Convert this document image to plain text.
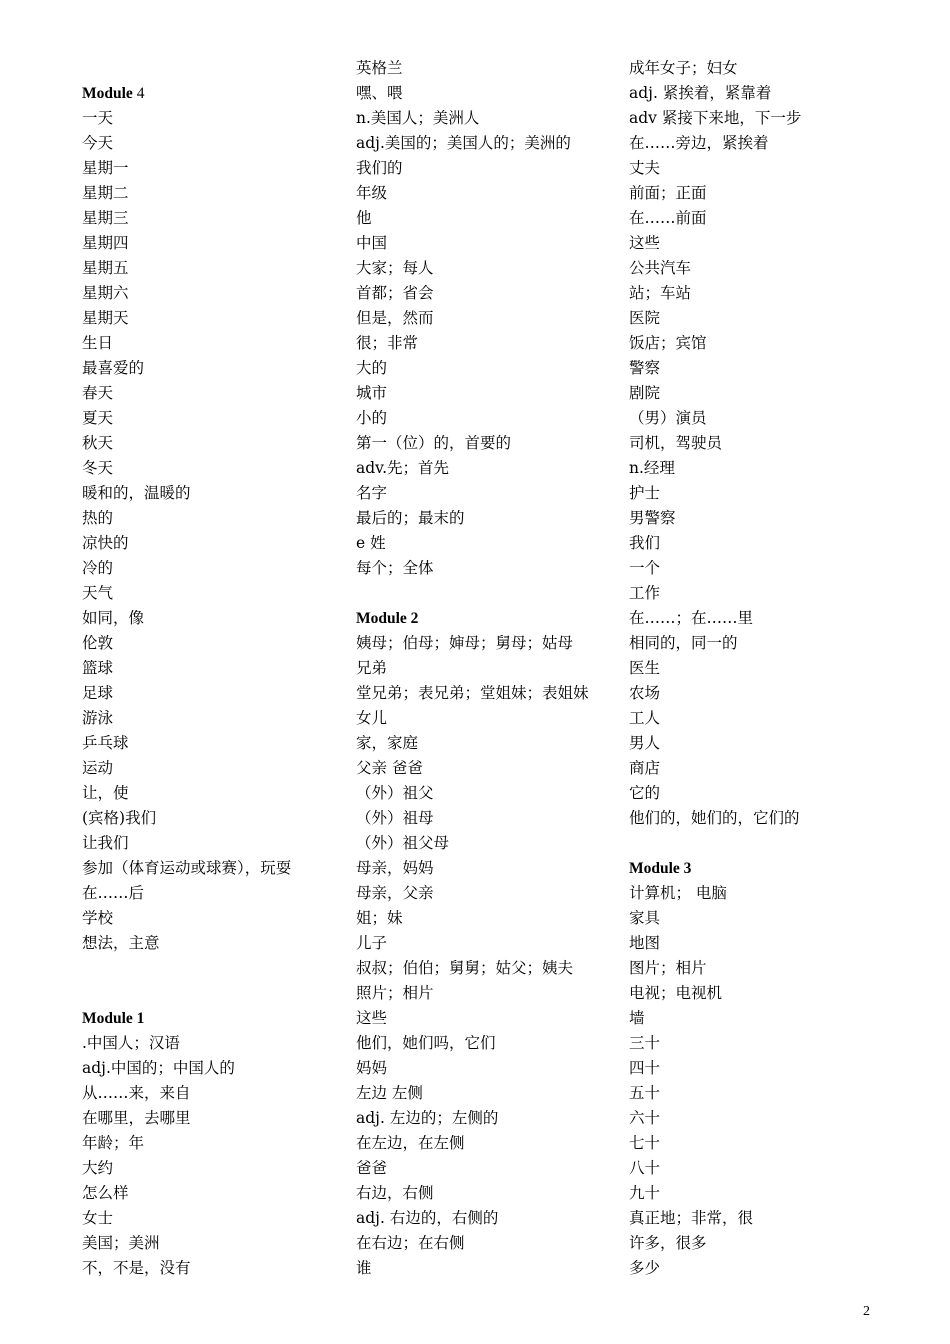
Module 4
一天
今天
星期一
星期二
星期三
星期四
星期五
星期六
星期天
生日
最喜爱的
春天
夏天
秋天
冬天
暖和的，温暖的
热的
凉快的
冷的
天气
如同，像
伦敦
篮球
足球
游泳
乒乓球
运动
让，使
(宾格)我们
让我们
参加（体育运动或球赛），玩耍
在……后
学校
想法，主意
Module 1
.中国人；汉语
adj.中国的；中国人的
从……来，来自
在哪里，去哪里
年龄；年
大约
怎么样
女士
美国；美洲
不，不是，没有
英格兰
嘿、喂
n.美国人；美洲人
adj.美国的；美国人的；美洲的
我们的
年级
他
中国
大家；每人
首都；省会
但是，然而
很；非常
大的
城市
小的
第一（位）的，首要的
adv.先；首先
名字
最后的；最末的
e 姓
每个；全体
Module 2
姨母；伯母；婶母；舅母；姑母
兄弟
堂兄弟；表兄弟；堂姐妹；表姐妹
女儿
家，家庭
父亲 爸爸
（外）祖父
（外）祖母
（外）祖父母
母亲，妈妈
母亲，父亲
姐；妹
儿子
叔叔；伯伯；舅舅；姑父；姨夫
照片；相片
这些
他们，她们吗，它们
妈妈
左边 左侧
adj. 左边的；左侧的
在左边，在左侧
爸爸
右边，右侧
adj. 右边的，右侧的
在右边；在右侧
谁
成年女子；妇女
adj. 紧挨着，紧靠着
adv 紧接下来地，下一步
在……旁边，紧挨着
丈夫
前面；正面
在……前面
这些
公共汽车
站；车站
医院
饭店；宾馆
警察
剧院
（男）演员
司机，驾驶员
n.经理
护士
男警察
我们
一个
工作
在……；在……里
相同的，同一的
医生
农场
工人
男人
商店
它的
他们的，她们的，它们的
Module 3
计算机； 电脑
家具
地图
图片；相片
电视；电视机
墙
三十
四十
五十
六十
七十
八十
九十
真正地；非常，很
许多，很多
多少
2
